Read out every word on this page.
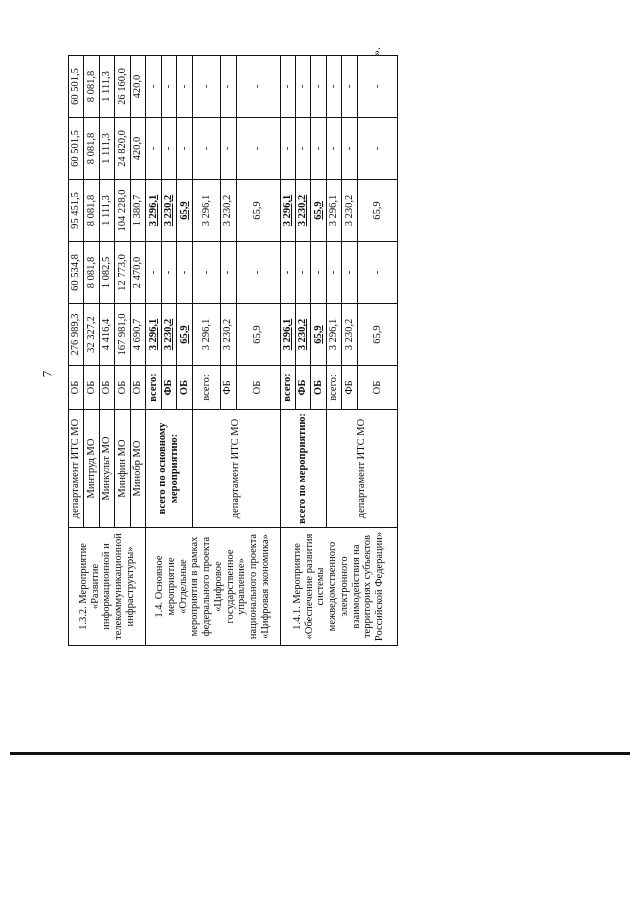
7
».
1.3.2. Мероприятие «Развитие информационной и телекоммуникационной инфраструктуры»	департамент ИТС МО	ОБ	276 989,3	60 534,8	95 451,5	60 501,5	60 501,5
	Минтруд МО	ОБ	32 327,2	8 081,8	8 081,8	8 081,8	8 081,8
	Минкульт МО	ОБ	4 416,4	1 082,5	1 111,3	1 111,3	1 111,3
	Минфин МО	ОБ	167 981,0	12 773,0	104 228,0	24 820,0	26 160,0
	Минобр МО	ОБ	4 690,7	2 470,0	1 380,7	420,0	420,0
1.4. Основное мероприятие «Отдельные мероприятия в рамках федерального проекта «Цифровое государственное управление» национального проекта «Цифровая экономика»	всего по основному мероприятию:	всего:	3 296,1	-	3 296,1	-	-
		ФБ	3 230,2	-	3 230,2	-	-
		ОБ	65,9	-	65,9	-	-
	департамент ИТС МО	всего:	3 296,1	-	3 296,1	-	-
		ФБ	3 230,2	-	3 230,2	-	-
		ОБ	65,9	-	65,9	-	-
1.4.1. Мероприятие «Обеспечение развития системы межведомственного электронного взаимодействия на территориях субъектов Российской Федерации»	всего по мероприятию:	всего:	3 296,1	-	3 296,1	-	-
		ФБ	3 230,2	-	3 230,2	-	-
		ОБ	65,9	-	65,9	-	-
	департамент ИТС МО	всего:	3 296,1	-	3 296,1	-	-
		ФБ	3 230,2	-	3 230,2	-	-
		ОБ	65,9	-	65,9	-	-
